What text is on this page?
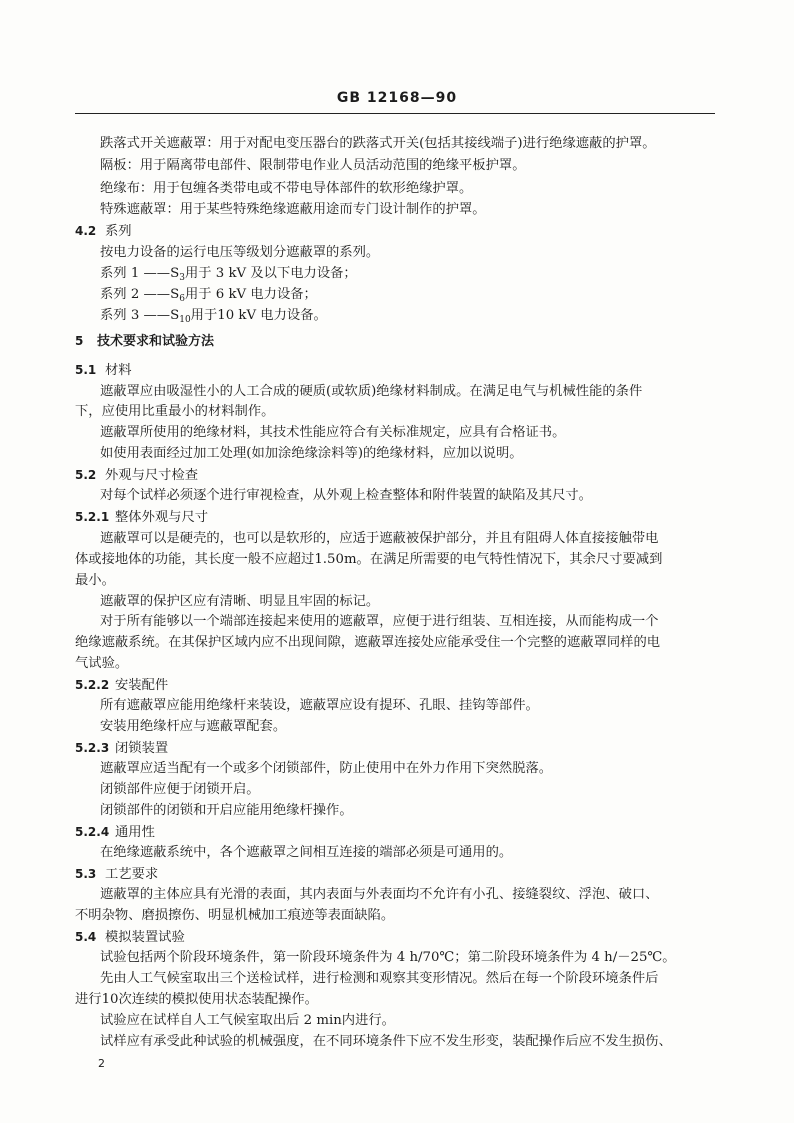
GB 12168—90
跌落式开关遮蔽罩：用于对配电变压器台的跌落式开关(包括其接线端子)进行绝缘遮蔽的护罩。
隔板：用于隔离带电部件、限制带电作业人员活动范围的绝缘平板护罩。
绝缘布：用于包缠各类带电或不带电导体部件的软形绝缘护罩。
特殊遮蔽罩：用于某些特殊绝缘遮蔽用途而专门设计制作的护罩。
4.2 系列
按电力设备的运行电压等级划分遮蔽罩的系列。
系列 1 $——S_3$用于 3 kV 及以下电力设备；
系列 2 $——S_6$用于 6 kV 电力设备；
系列 3 $——S_{10}$用于10 kV 电力设备。
5 技术要求和试验方法
5.1 材料
遮蔽罩应由吸湿性小的人工合成的硬质(或软质)绝缘材料制成。在满足电气与机械性能的条件
下，应使用比重最小的材料制作。
遮蔽罩所使用的绝缘材料，其技术性能应符合有关标准规定，应具有合格证书。
如使用表面经过加工处理(如加涂绝缘涂料等)的绝缘材料，应加以说明。
5.2 外观与尺寸检查
对每个试样必须逐个进行审视检查，从外观上检查整体和附件装置的缺陷及其尺寸。
5.2.1 整体外观与尺寸
遮蔽罩可以是硬壳的，也可以是软形的，应适于遮蔽被保护部分，并且有阻碍人体直接接触带电
体或接地体的功能，其长度一般不应超过1.50m。在满足所需要的电气特性情况下，其余尺寸要减到
最小。
遮蔽罩的保护区应有清晰、明显且牢固的标记。
对于所有能够以一个端部连接起来使用的遮蔽罩，应便于进行组装、互相连接，从而能构成一个
绝缘遮蔽系统。在其保护区域内应不出现间隙，遮蔽罩连接处应能承受住一个完整的遮蔽罩同样的电
气试验。
5.2.2 安装配件
所有遮蔽罩应能用绝缘杆来装设，遮蔽罩应设有提环、孔眼、挂钩等部件。
安装用绝缘杆应与遮蔽罩配套。
5.2.3 闭锁装置
遮蔽罩应适当配有一个或多个闭锁部件，防止使用中在外力作用下突然脱落。
闭锁部件应便于闭锁开启。
闭锁部件的闭锁和开启应能用绝缘杆操作。
5.2.4 通用性
在绝缘遮蔽系统中，各个遮蔽罩之间相互连接的端部必须是可通用的。
5.3 工艺要求
遮蔽罩的主体应具有光滑的表面，其内表面与外表面均不允许有小孔、接缝裂纹、浮泡、破口、
不明杂物、磨损擦伤、明显机械加工痕迹等表面缺陷。
5.4 模拟装置试验
试验包括两个阶段环境条件，第一阶段环境条件为 4 h/70℃；第二阶段环境条件为 4 h/－25℃。
先由人工气候室取出三个送检试样，进行检测和观察其变形情况。然后在每一个阶段环境条件后
进行10次连续的模拟使用状态装配操作。
试验应在试样自人工气候室取出后 2 min内进行。
试样应有承受此种试验的机械强度，在不同环境条件下应不发生形变，装配操作后应不发生损伤、
2
